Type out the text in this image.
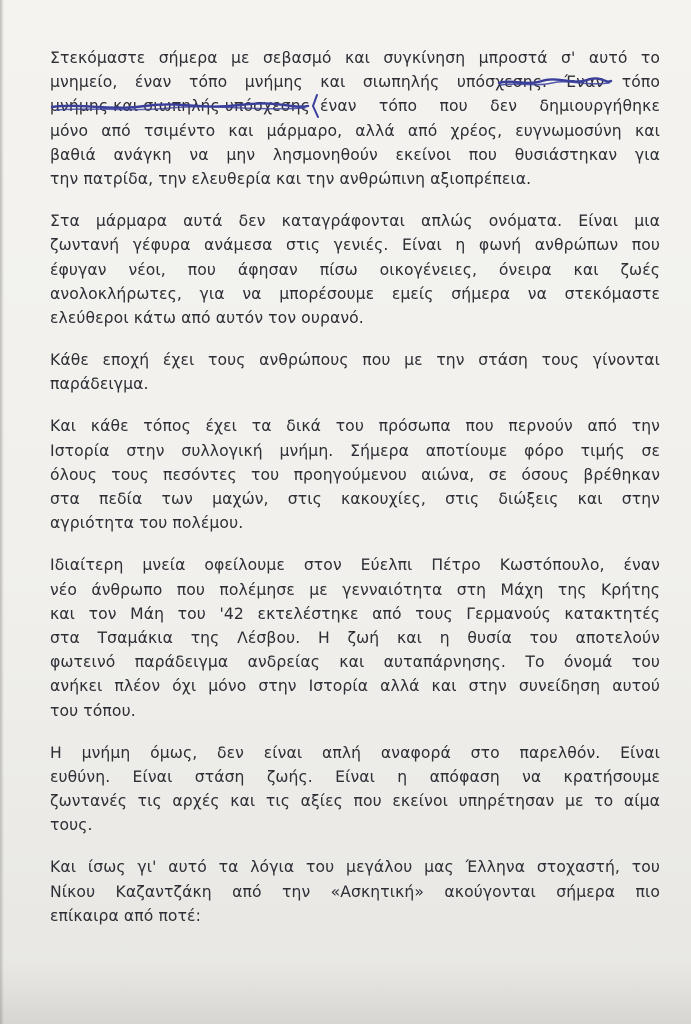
Στεκόμαστε σήμερα με σεβασμό και συγκίνηση μπροστά σ' αυτό το
μνημείο, έναν τόπο μνήμης και σιωπηλής υπόσχεσης. Έναν τόπο
μνήμης και σιωπηλής υπόσχεσης έναν τόπο που δεν δημιουργήθηκε
μόνο από τσιμέντο και μάρμαρο, αλλά από χρέος, ευγνωμοσύνη και
βαθιά ανάγκη να μην λησμονηθούν εκείνοι που θυσιάστηκαν για
την πατρίδα, την ελευθερία και την ανθρώπινη αξιοπρέπεια.
Στα μάρμαρα αυτά δεν καταγράφονται απλώς ονόματα. Είναι μια
ζωντανή γέφυρα ανάμεσα στις γενιές. Είναι η φωνή ανθρώπων που
έφυγαν νέοι, που άφησαν πίσω οικογένειες, όνειρα και ζωές
ανολοκλήρωτες, για να μπορέσουμε εμείς σήμερα να στεκόμαστε
ελεύθεροι κάτω από αυτόν τον ουρανό.
Κάθε εποχή έχει τους ανθρώπους που με την στάση τους γίνονται
παράδειγμα.
Και κάθε τόπος έχει τα δικά του πρόσωπα που περνούν από την
Ιστορία στην συλλογική μνήμη. Σήμερα αποτίουμε φόρο τιμής σε
όλους τους πεσόντες του προηγούμενου αιώνα, σε όσους βρέθηκαν
στα πεδία των μαχών, στις κακουχίες, στις διώξεις και στην
αγριότητα του πολέμου.
Ιδιαίτερη μνεία οφείλουμε στον Εύελπι Πέτρο Κωστόπουλο, έναν
νέο άνθρωπο που πολέμησε με γενναιότητα στη Μάχη της Κρήτης
και τον Μάη του '42 εκτελέστηκε από τους Γερμανούς κατακτητές
στα Τσαμάκια της Λέσβου. Η ζωή και η θυσία του αποτελούν
φωτεινό παράδειγμα ανδρείας και αυταπάρνησης. Το όνομά του
ανήκει πλέον όχι μόνο στην Ιστορία αλλά και στην συνείδηση αυτού
του τόπου.
Η μνήμη όμως, δεν είναι απλή αναφορά στο παρελθόν. Είναι
ευθύνη. Είναι στάση ζωής. Είναι η απόφαση να κρατήσουμε
ζωντανές τις αρχές και τις αξίες που εκείνοι υπηρέτησαν με το αίμα
τους.
Και ίσως γι' αυτό τα λόγια του μεγάλου μας Έλληνα στοχαστή, του
Νίκου Καζαντζάκη από την «Ασκητική» ακούγονται σήμερα πιο
επίκαιρα από ποτέ:
